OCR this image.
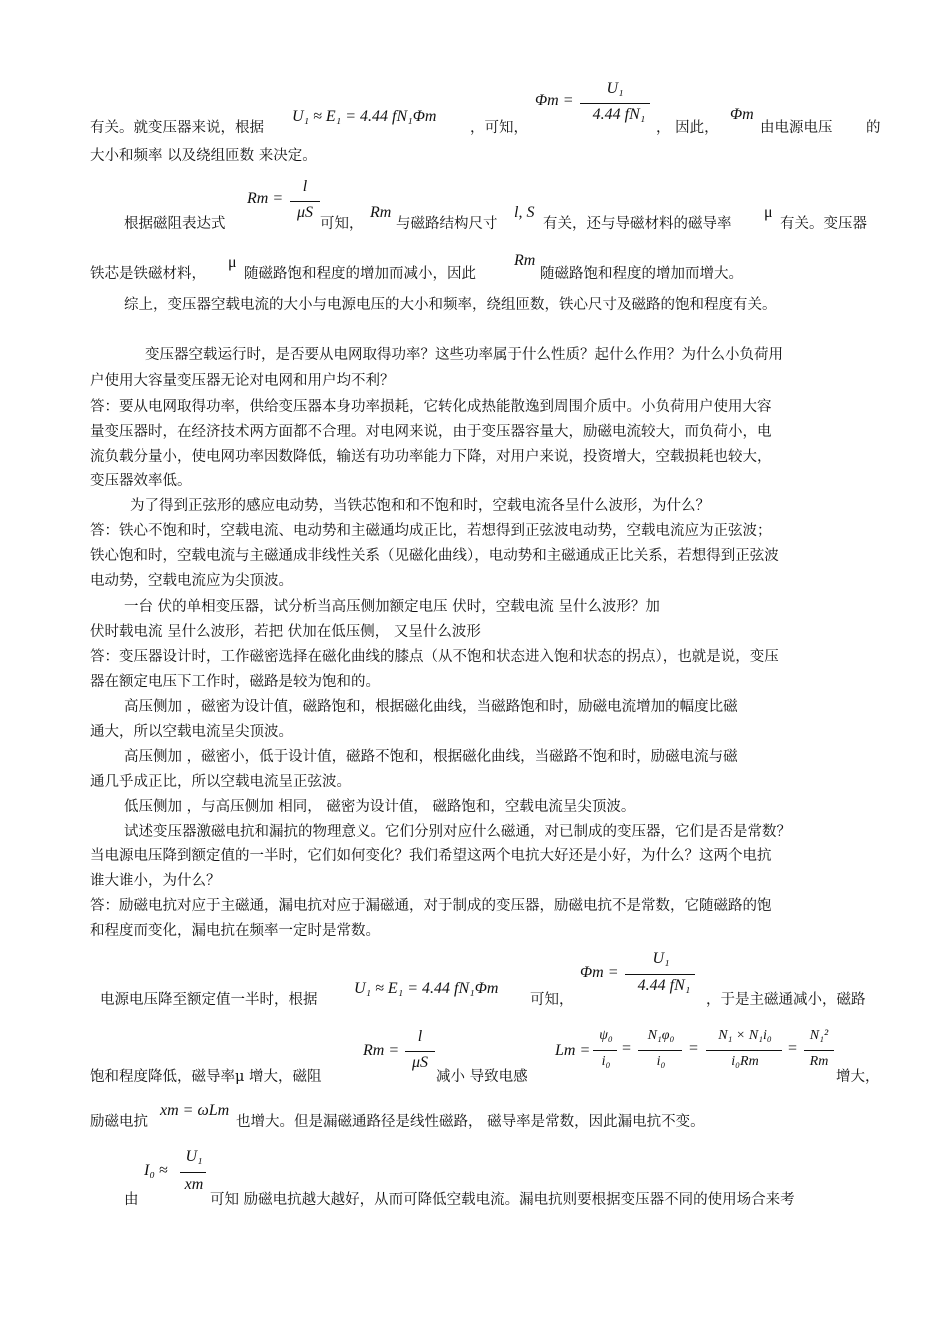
有关。就变压器来说，根据
U₁ ≈ E₁ = 4.44 fN₁Φm
，可知，
Φm =
U₁
4.44 fN₁
， 因此，
Φm
由电源电压 的
大小和频率 以及绕组匝数 来决定。
根据磁阻表达式
Rm =
l
μS
可知，
Rm
与磁路结构尺寸
l, S
有关，还与导磁材料的磁导率
μ
有关。变压器
铁芯是铁磁材料，
μ
随磁路饱和程度的增加而减小，因此
Rm
随磁路饱和程度的增加而增大。
综上，变压器空载电流的大小与电源电压的大小和频率，绕组匝数，铁心尺寸及磁路的饱和程度有关。
变压器空载运行时，是否要从电网取得功率？这些功率属于什么性质？起什么作用？为什么小负荷用
户使用大容量变压器无论对电网和用户均不利？
答：要从电网取得功率，供给变压器本身功率损耗，它转化成热能散逸到周围介质中。小负荷用户使用大容
量变压器时，在经济技术两方面都不合理。对电网来说，由于变压器容量大，励磁电流较大，而负荷小，电
流负载分量小，使电网功率因数降低，输送有功功率能力下降，对用户来说，投资增大，空载损耗也较大，
变压器效率低。
为了得到正弦形的感应电动势，当铁芯饱和和不饱和时，空载电流各呈什么波形，为什么？
答：铁心不饱和时，空载电流、电动势和主磁通均成正比，若想得到正弦波电动势，空载电流应为正弦波；
铁心饱和时，空载电流与主磁通成非线性关系（见磁化曲线），电动势和主磁通成正比关系，若想得到正弦波
电动势，空载电流应为尖顶波。
一台 伏的单相变压器，试分析当高压侧加额定电压 伏时，空载电流 呈什么波形？加
伏时载电流 呈什么波形，若把 伏加在低压侧， 又呈什么波形
答：变压器设计时，工作磁密选择在磁化曲线的膝点（从不饱和状态进入饱和状态的拐点），也就是说，变压
器在额定电压下工作时，磁路是较为饱和的。
高压侧加 ，磁密为设计值，磁路饱和，根据磁化曲线，当磁路饱和时，励磁电流增加的幅度比磁
通大，所以空载电流呈尖顶波。
高压侧加 ，磁密小，低于设计值，磁路不饱和，根据磁化曲线，当磁路不饱和时，励磁电流与磁
通几乎成正比，所以空载电流呈正弦波。
低压侧加 ，与高压侧加 相同， 磁密为设计值， 磁路饱和，空载电流呈尖顶波。
试述变压器激磁电抗和漏抗的物理意义。它们分别对应什么磁通，对已制成的变压器，它们是否是常数？
当电源电压降到额定值的一半时，它们如何变化？我们希望这两个电抗大好还是小好，为什么？这两个电抗
谁大谁小，为什么？
答：励磁电抗对应于主磁通，漏电抗对应于漏磁通，对于制成的变压器，励磁电抗不是常数，它随磁路的饱
和程度而变化，漏电抗在频率一定时是常数。
电源电压降至额定值一半时，根据
U₁ ≈ E₁ = 4.44 fN₁Φm
可知，
Φm =
U₁
4.44 fN₁
，于是主磁通减小，磁路
饱和程度降低，磁导率μ 增大，磁阻
Rm =
l
μS
减小 导致电感
Lm =
ψ₀
i₀
=
N₁φ₀
i₀
=
N₁ × N₁i₀
i₀Rm
=
N₁²
Rm
增大，
励磁电抗
xm = ωLm
也增大。但是漏磁通路径是线性磁路， 磁导率是常数，因此漏电抗不变。
由
I₀ ≈
U₁
xm
可知 励磁电抗越大越好，从而可降低空载电流。漏电抗则要根据变压器不同的使用场合来考
